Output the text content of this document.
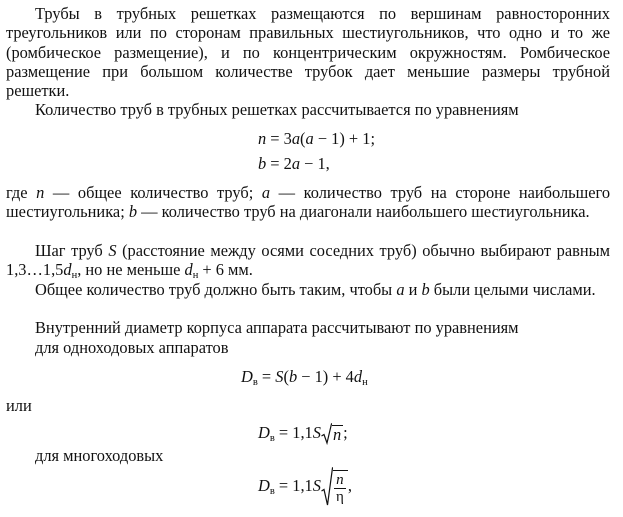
Трубы в трубных решетках размещаются по вершинам равносторонних треугольников или по сторонам правильных шестиугольников, что одно и то же (ромбическое размещение), и по концентрическим окружностям. Ромбическое размещение при большом количестве трубок дает меньшие размеры трубной решетки.

Количество труб в трубных решетках рассчитывается по уравнениям

n = 3a(a − 1) + 1;
b = 2a − 1,

где n — общее количество труб; a — количество труб на стороне наибольшего шестиугольника; b — количество труб на диагонали наибольшего шестиугольника.

Шаг труб S (расстояние между осями соседних труб) обычно выбирают равным $1,3\dots 1,5d_н$, но не меньше $d_н + 6$ мм.

Общее количество труб должно быть таким, чтобы a и b были целыми числами.

Внутренний диаметр корпуса аппарата рассчитывают по уравнениям

для одноходовых аппаратов

$D_в = S(b - 1) + 4d_н$

или

$D_в = 1,1S$ n ;

для многоходовых

$D_в = 1,1S \frac{n}{\eta}$ ,
